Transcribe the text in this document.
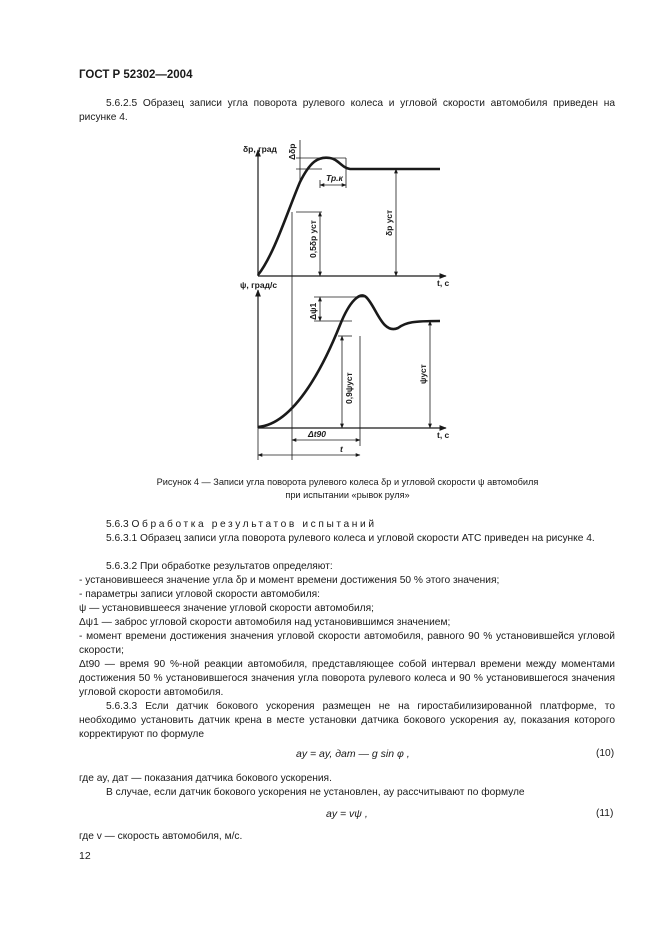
ГОСТ Р 52302—2004
5.6.2.5 Образец записи угла поворота рулевого колеса и угловой скорости автомобиля приведен на рисунке 4.
δр, град
t, c
Δδр
Тр.к
0,5δр уст	δр уст
ψ, град/с
t, c
Δψ1
0,9ψуст	ψуст
Δt90
t
Рисунок 4 — Записи угла поворота рулевого колеса δр и угловой скорости ψ автомобиля
при испытании «рывок руля»
5.6.3 Обработка результатов испытаний
5.6.3.1 Образец записи угла поворота рулевого колеса и угловой скорости АТС приведен на рисунке 4.
5.6.3.2 При обработке результатов определяют:
- установившееся значение угла δр и момент времени достижения 50 % этого значения;
- параметры записи угловой скорости автомобиля:
ψ — установившееся значение угловой скорости автомобиля;
Δψ1 — заброс угловой скорости автомобиля над установившимся значением;
- момент времени достижения значения угловой скорости автомобиля, равного 90 % установившейся угловой скорости;
Δt90 — время 90 %-ной реакции автомобиля, представляющее собой интервал времени между моментами достижения 50 % установившегося значения угла поворота рулевого колеса и 90 % установившегося значения угловой скорости автомобиля.
5.6.3.3 Если датчик бокового ускорения размещен не на гиростабилизированной платформе, то необходимо установить датчик крена в месте установки датчика бокового ускорения ay, показания которого корректируют по формуле
ay = ay, дат — g sin φ ,	(10)
где ay, дат — показания датчика бокового ускорения.
В случае, если датчик бокового ускорения не установлен, ay рассчитывают по формуле
ay = vψ ,	(11)
где v — скорость автомобиля, м/с.
12
